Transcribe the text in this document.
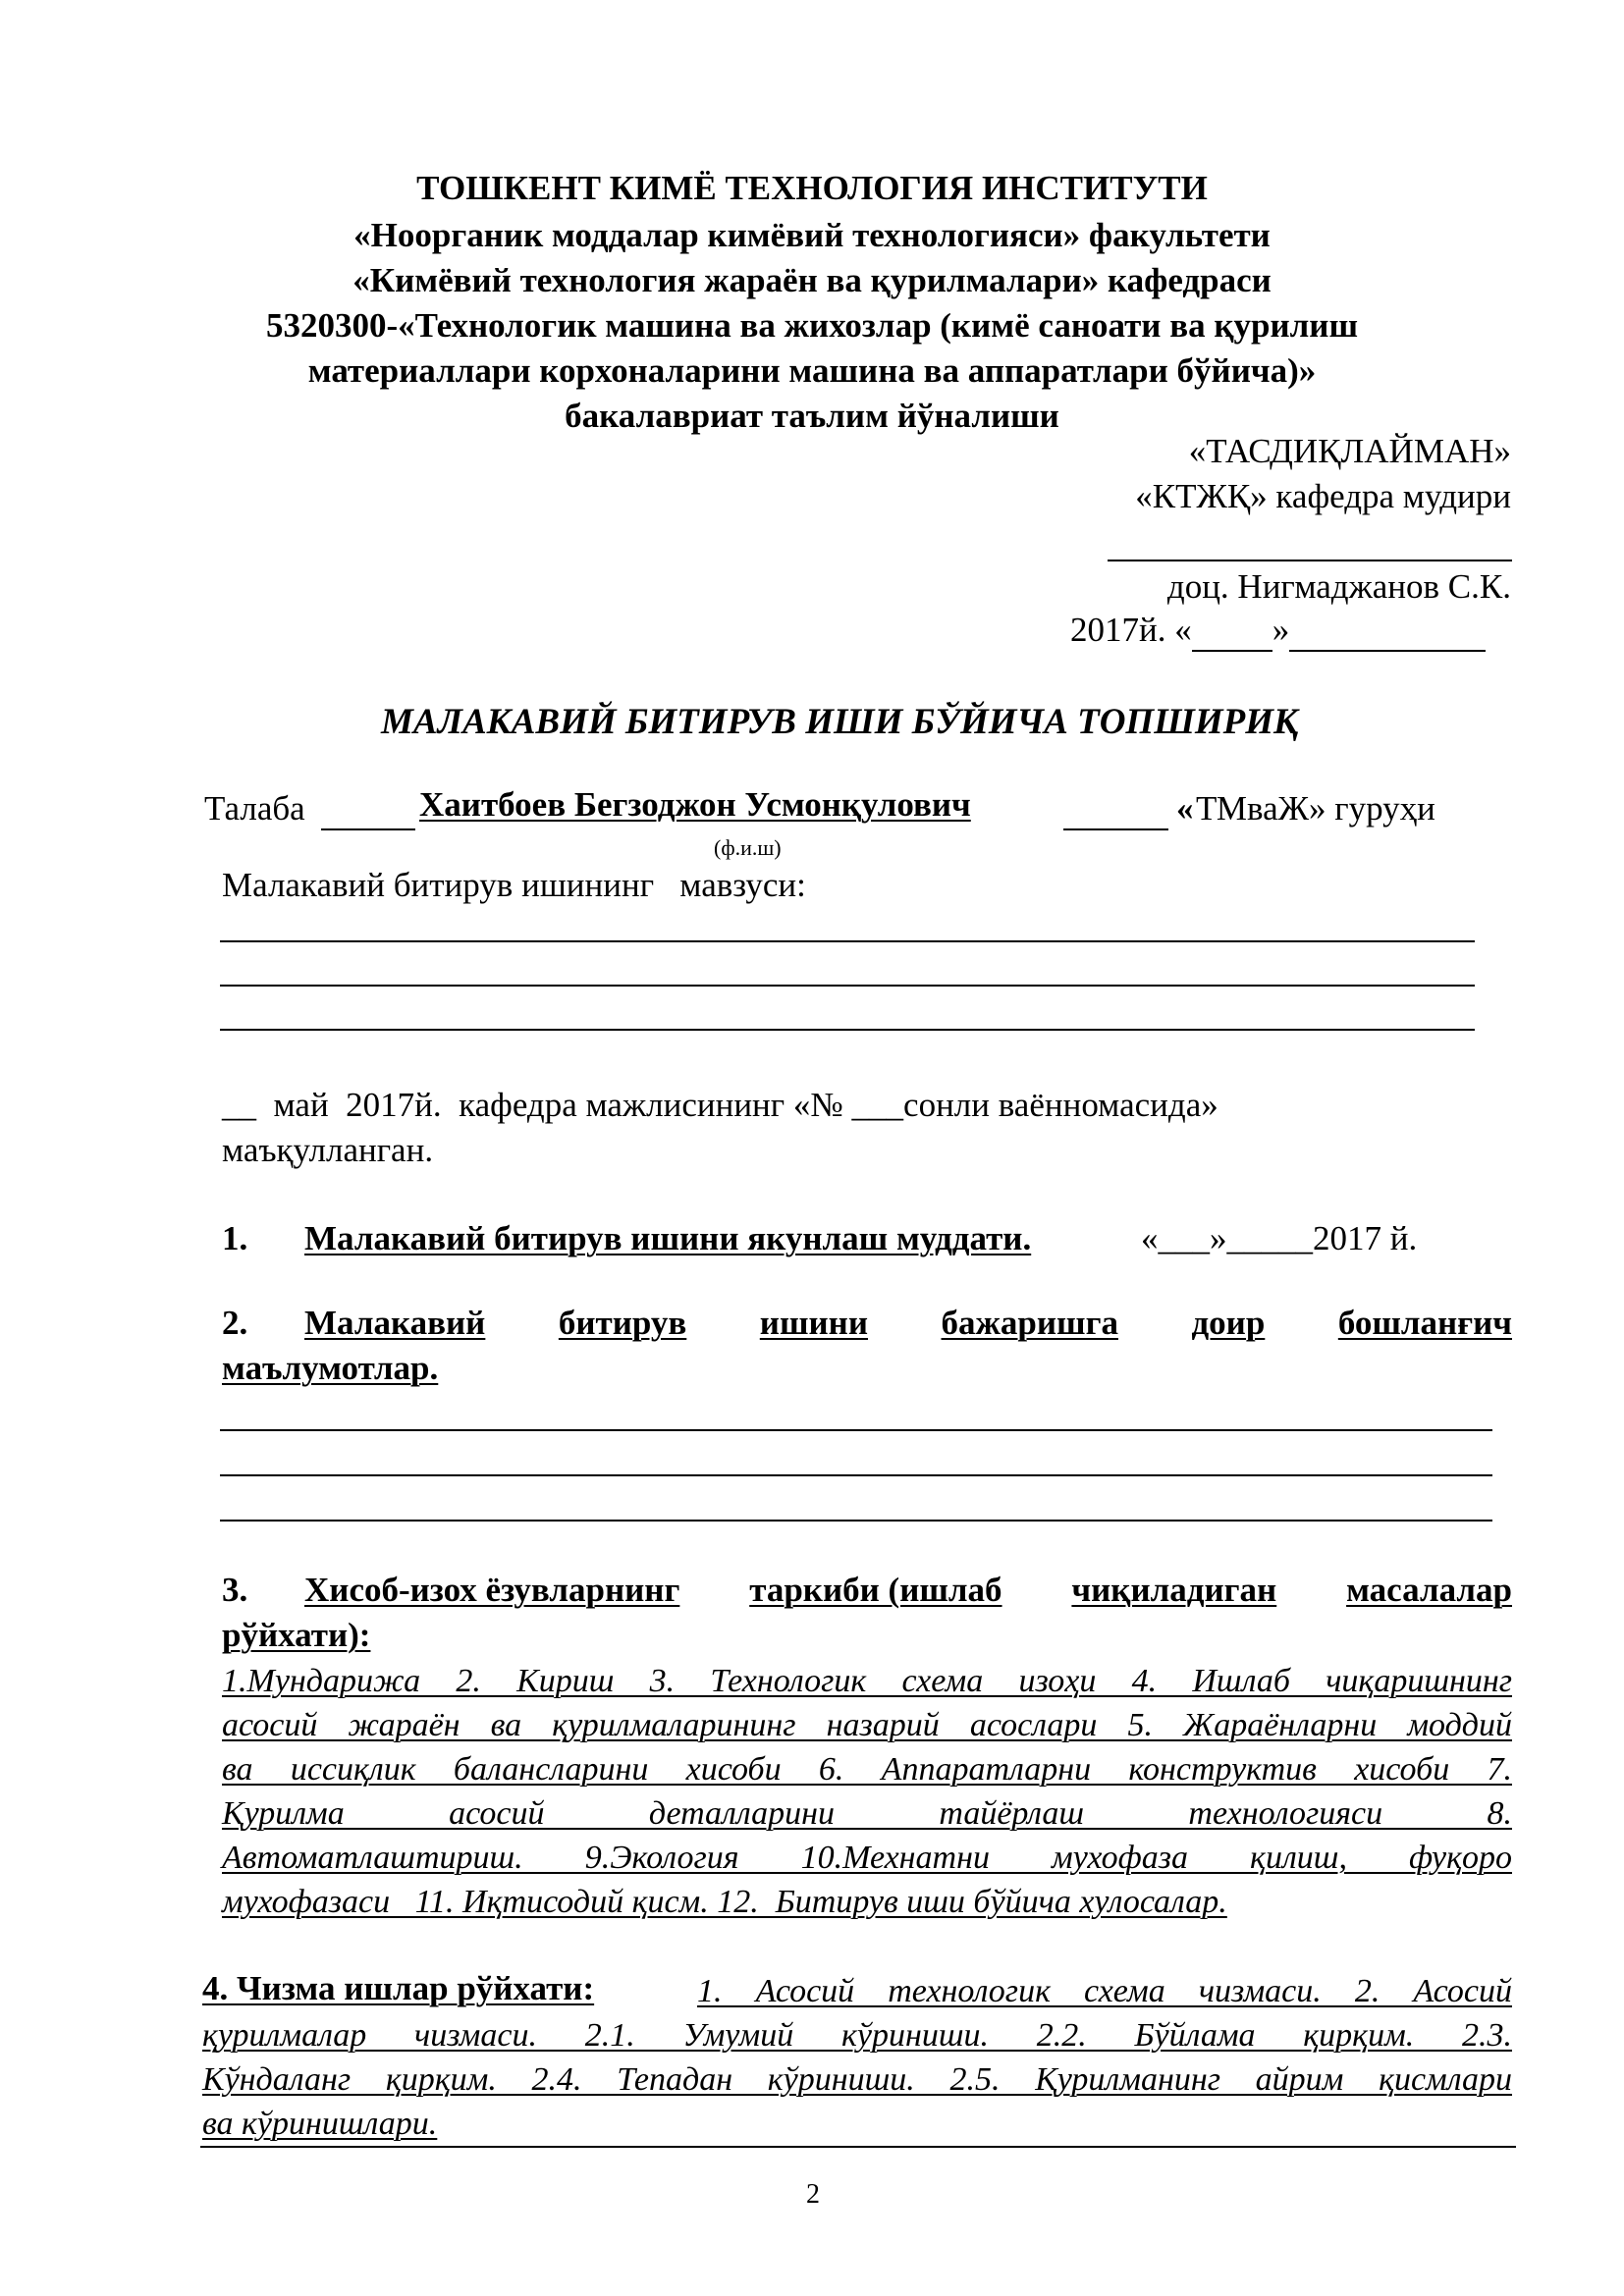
ТОШКЕНТ КИМЁ ТЕХНОЛОГИЯ ИНСТИТУТИ
«Ноорганик моддалар кимёвий технологияси» факультети
«Кимёвий технология жараён ва қурилмалари» кафедраси
5320300-«Технологик машина ва жихозлар (кимё саноати ва қурилиш
материаллари корхоналарини машина ва аппаратлари бўйича)»
бакалавриат таълим йўналиши
«ТАСДИҚЛАЙМАН»
«КТЖҚ» кафедра мудири
доц. Нигмаджанов С.К.
2017й. « »
МАЛАКАВИЙ БИТИРУВ ИШИ БЎЙИЧА ТОПШИРИҚ
Талаба	Хаитбоев Бегзоджон Усмонқулович	« ТМваЖ» гуруҳи
(ф.и.ш)
Малакавий битирув ишининг   мавзуси:
__  май  2017й.  кафедра мажлисининг «№ ___сонли ваённомасида»
маъқулланган.
1. Малакавий битирув ишини якунлаш муддати.	«___»_____2017 й.
2. Малакавий битирув ишини бажаришга доир бошланғич
маълумотлар.
3. Хисоб-изох ёзувларнинг таркиби (ишлаб чиқиладиган масалалар
рўйхати):
1.Мундарижа 2. Кириш 3. Технологик схема изоҳи 4. Ишлаб чиқаришнинг
асосий жараён ва қурилмаларининг назарий асослари 5. Жараёнларни моддий
ва иссиқлик балансларини хисоби 6. Аппаратларни конструктив хисоби 7.
Қурилма асосий деталларини тайёрлаш технологияси 8.
Автоматлаштириш. 9.Экология 10.Мехнатни мухофаза қилиш, фуқоро
мухофазаси   11. Иқтисодий қисм. 12.  Битирув иши бўйича хулосалар.
4. Чизма ишлар рўйхати:	1. Асосий технологик схема чизмаси. 2. Асосий
қурилмалар чизмаси. 2.1. Умумий кўриниши. 2.2. Бўйлама қирқим. 2.3.
Кўндаланг қирқим. 2.4. Тепадан кўриниши. 2.5. Қурилманинг айрим қисмлари
ва кўринишлари.
2
